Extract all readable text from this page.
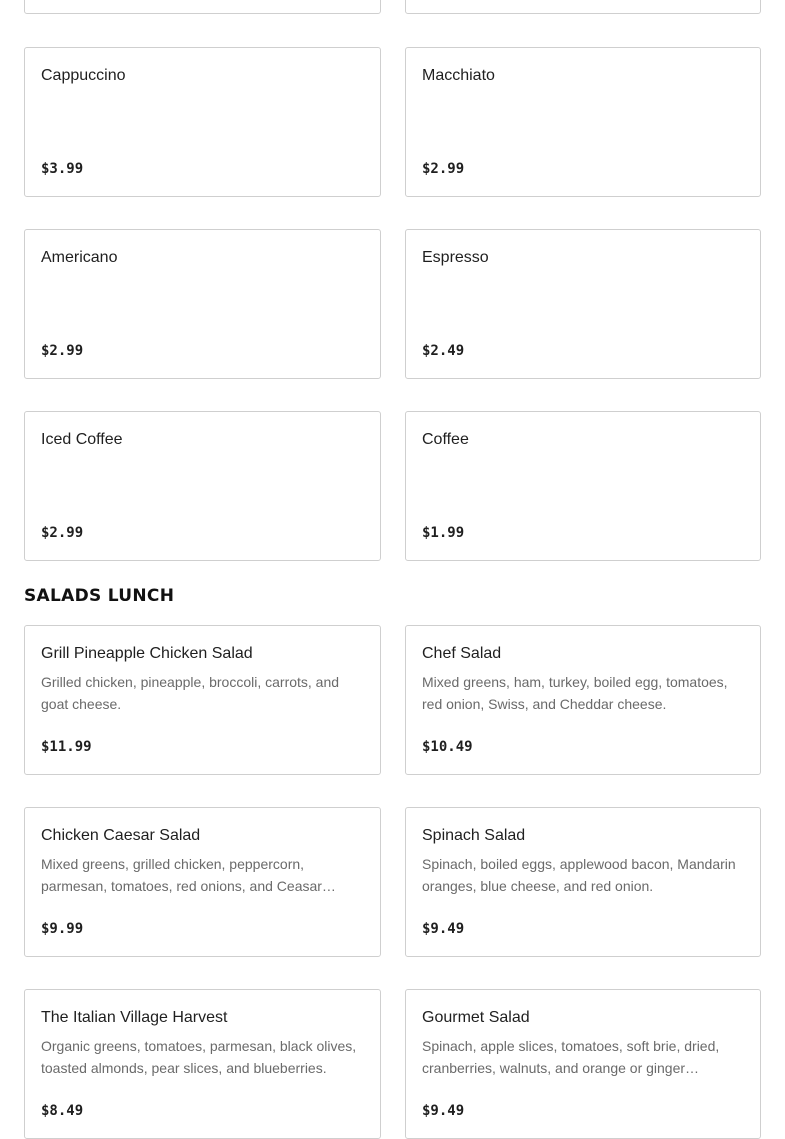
Cappuccino
$3.99
Macchiato
$2.99
Americano
$2.99
Espresso
$2.49
Iced Coffee
$2.99
Coffee
$1.99
SALADS LUNCH
Grill Pineapple Chicken Salad
Grilled chicken, pineapple, broccoli, carrots, and goat cheese.
$11.99
Chef Salad
Mixed greens, ham, turkey, boiled egg, tomatoes, red onion, Swiss, and Cheddar cheese.
$10.49
Chicken Caesar Salad
Mixed greens, grilled chicken, peppercorn, parmesan, tomatoes, red onions, and Ceasar…
$9.99
Spinach Salad
Spinach, boiled eggs, applewood bacon, Mandarin oranges, blue cheese, and red onion.
$9.49
The Italian Village Harvest
Organic greens, tomatoes, parmesan, black olives, toasted almonds, pear slices, and blueberries.
$8.49
Gourmet Salad
Spinach, apple slices, tomatoes, soft brie, dried, cranberries, walnuts, and orange or ginger…
$9.49
